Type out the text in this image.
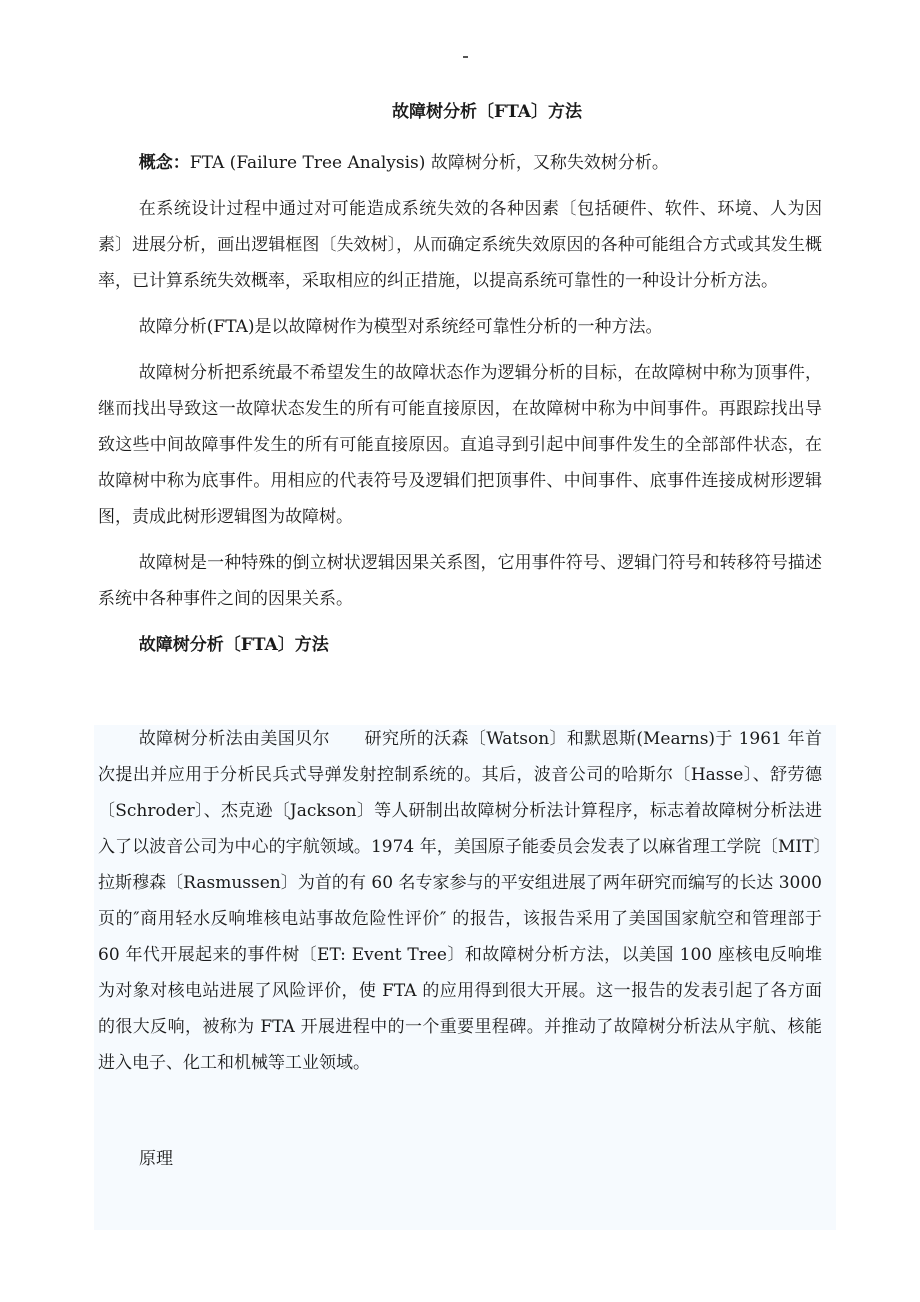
故障树分析〔FTA〕方法

概念：FTA (Failure Tree Analysis) 故障树分析，又称失效树分析。

在系统设计过程中通过对可能造成系统失效的各种因素〔包括硬件、软件、环境、人为因素〕进展分析，画出逻辑框图〔失效树〕，从而确定系统失效原因的各种可能组合方式或其发生概率，已计算系统失效概率，采取相应的纠正措施，以提高系统可靠性的一种设计分析方法。

故障分析(FTA)是以故障树作为模型对系统经可靠性分析的一种方法。

故障树分析把系统最不希望发生的故障状态作为逻辑分析的目标，在故障树中称为顶事件，继而找出导致这一故障状态发生的所有可能直接原因，在故障树中称为中间事件。再跟踪找出导致这些中间故障事件发生的所有可能直接原因。直追寻到引起中间事件发生的全部部件状态，在故障树中称为底事件。用相应的代表符号及逻辑们把顶事件、中间事件、底事件连接成树形逻辑图，责成此树形逻辑图为故障树。

故障树是一种特殊的倒立树状逻辑因果关系图，它用事件符号、逻辑门符号和转移符号描述系统中各种事件之间的因果关系。

故障树分析〔FTA〕方法

故障树分析法由美国贝尔　　研究所的沃森〔Watson〕和默恩斯(Mearns)于 1961 年首次提出并应用于分析民兵式导弹发射控制系统的。其后，波音公司的哈斯尔〔Hasse〕、舒劳德〔Schroder〕、杰克逊〔Jackson〕等人研制出故障树分析法计算程序，标志着故障树分析法进入了以波音公司为中心的宇航领域。1974 年，美国原子能委员会发表了以麻省理工学院〔MIT〕拉斯穆森〔Rasmussen〕为首的有 60 名专家参与的平安组进展了两年研究而编写的长达 3000 页的″商用轻水反响堆核电站事故危险性评价″ 的报告，该报告采用了美国国家航空和管理部于 60 年代开展起来的事件树〔ET: Event Tree〕和故障树分析方法，以美国 100 座核电反响堆为对象对核电站进展了风险评价，使 FTA 的应用得到很大开展。这一报告的发表引起了各方面的很大反响，被称为 FTA 开展进程中的一个重要里程碑。并推动了故障树分析法从宇航、核能进入电子、化工和机械等工业领域。

原理
